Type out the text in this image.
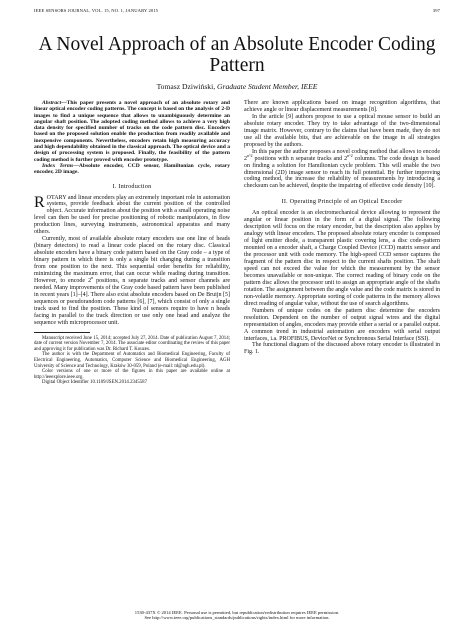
IEEE SENSORS JOURNAL, VOL. 15, NO. 1, JANUARY 2015	397
A Novel Approach of an Absolute Encoder Coding Pattern
Tomasz Dziwiński, Graduate Student Member, IEEE

Abstract—This paper presents a novel approach of an absolute rotary and linear optical encoder coding patterns. The concept is based on the analysis of 2-D images to find a unique sequence that allows to unambiguously determine an angular shaft position. The adopted coding method allows to achieve a very high data density for specified number of tracks on the code pattern disc. Encoders based on the proposed solution enable the production from readily available and inexpensive components. Nevertheless, encoders retain high measuring accuracy and high dependability obtained in the classical approach. The optical device and a design of processing system is proposed. Finally, the feasibility of the pattern coding method is further proved with encoder prototype.

Index Terms—Absolute encoder, CCD sensor, Hamiltonian cycle, rotary encoder, 2D image.

I. Introduction

ROTARY and linear encoders play an extremely important role in automation systems, provide feedback about the current position of the controlled object. Accurate information about the position with a small operating noise level can then be used for precise positioning of robotic manipulators, in flow production lines, surveying instruments, astronomical apparatus and many others.

Currently, most of available absolute rotary encoders use one line of heads (binary detectors) to read a linear code placed on the rotary disc. Classical absolute encoders have a binary code pattern based on the Gray code – a type of binary pattern in which there is only a single bit changing during a transition from one position to the next. This sequential order benefits for reliability, minimizing the maximum error, that can occur while reading during transition. However, to encode 2$^n$ positions, n separate tracks and sensor channels are needed. Many improvements of the Gray code based pattern have been published in recent years [1]–[4]. There also exist absolute encoders based on De Bruijn [5] sequences or pseudorandom code patterns [6], [7], which consist of only a single track used to find the position. These kind of sensors require to have n heads facing in parallel to the track direction or use only one head and analyze the sequence with microprocessor unit.

Manuscript received June 15, 2014; accepted July 27, 2014. Date of publication August 7, 2014; date of current version November 7, 2014. The associate editor coordinating the review of this paper and approving it for publication was Dr. Richard T. Kouzes.

The author is with the Department of Automatics and Biomedical Engineering, Faculty of Electrical Engineering, Automatics, Computer Science and Biomedical Engineering, AGH University of Science and Technology, Kraków 30-059, Poland (e-mail: td@agh.edu.pl).

Color versions of one or more of the figures in this paper are available online at http://ieeexplore.ieee.org.

Digital Object Identifier 10.1109/JSEN.2014.2345587

There are known applications based on image recognition algorithms, that achieve angle or linear displacement measurements [8].

In the article [9] authors propose to use a optical mouse sensor to build an absolute rotary encoder. They try to take advantage of the two-dimensional image matrix. However, contrary to the claims that have been made, they do not use all the available bits, that are achievable on the image in all strategies proposed by the authors.

In this paper the author proposes a novel coding method that allows to encode $2^{n\^{}2}$ positions with n separate tracks and $2^{n\^{}2}$ columns. The code design is based on finding a solution for Hamiltonian cycle problem. This will enable the two dimensional (2D) image sensor to reach its full potential. By further improving coding method, the increase the reliability of measurements by introducing a checksum can be achieved, despite the impairing of effective code density [10].

II. Operating Principle of an Optical Encoder

An optical encoder is an electromechanical device allowing to represent the angular or linear position in the form of a digital signal. The following description will focus on the rotary encoder, but the description also applies by analogy with linear encoders. The proposed absolute rotary encoder is composed of light emitter diode, a transparent plastic covering lens, a disc code-pattern mounted on a encoder shaft, a Charge Coupled Device (CCD) matrix sensor and the processor unit with code memory. The high-speed CCD sensor captures the fragment of the pattern disc in respect to the current shafts position. The shaft speed can not exceed the value for which the measurement by the sensor becomes unavailable or non-unique. The correct reading of binary code on the pattern disc allows the processor unit to assign an appropriate angle of the shafts rotation. The assignment between the angle value and the code matrix is stored in non-volatile memory. Appropriate sorting of code patterns in the memory allows direct reading of angular value, without the use of search algorithms.

Numbers of unique codes on the pattern disc determine the encoders resolution. Dependent on the number of output signal wires and the digital representation of angles, encoders may provide either a serial or a parallel output. A common trend in industrial automation are encoders with serial output interfaces, i.a. PROFIBUS, DeviceNet or Synchronous Serial Interface (SSI).

The functional diagram of the discussed above rotary encoder is illustrated in Fig. 1.

1530-437X © 2014 IEEE. Personal use is permitted, but republication/redistribution requires IEEE permission.
See http://www.ieee.org/publications_standards/publications/rights/index.html for more information.
